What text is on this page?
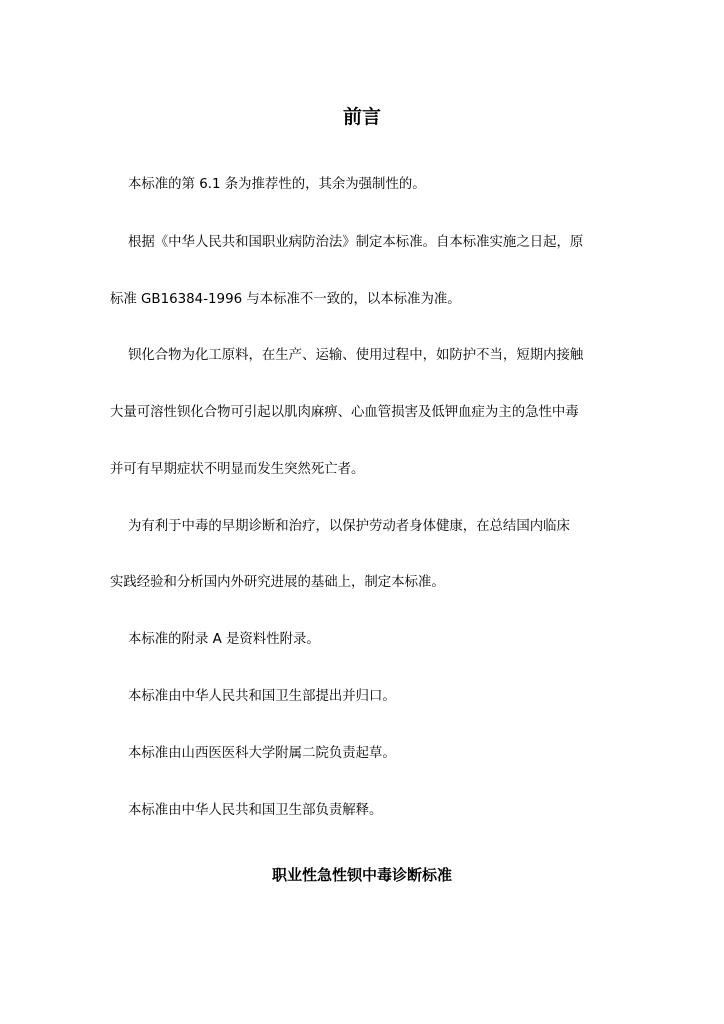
前言
本标准的第 6.1 条为推荐性的，其余为强制性的。
根据《中华人民共和国职业病防治法》制定本标准。自本标准实施之日起，原
标准 GB16384-1996 与本标准不一致的，以本标准为准。
钡化合物为化工原料，在生产、运输、使用过程中，如防护不当，短期内接触
大量可溶性钡化合物可引起以肌肉麻痹、心血管损害及低钾血症为主的急性中毒
并可有早期症状不明显而发生突然死亡者。
为有利于中毒的早期诊断和治疗，以保护劳动者身体健康，在总结国内临床
实践经验和分析国内外研究进展的基础上，制定本标准。
本标准的附录 A 是资料性附录。
本标准由中华人民共和国卫生部提出并归口。
本标准由山西医医科大学附属二院负责起草。
本标准由中华人民共和国卫生部负责解释。
职业性急性钡中毒诊断标准
